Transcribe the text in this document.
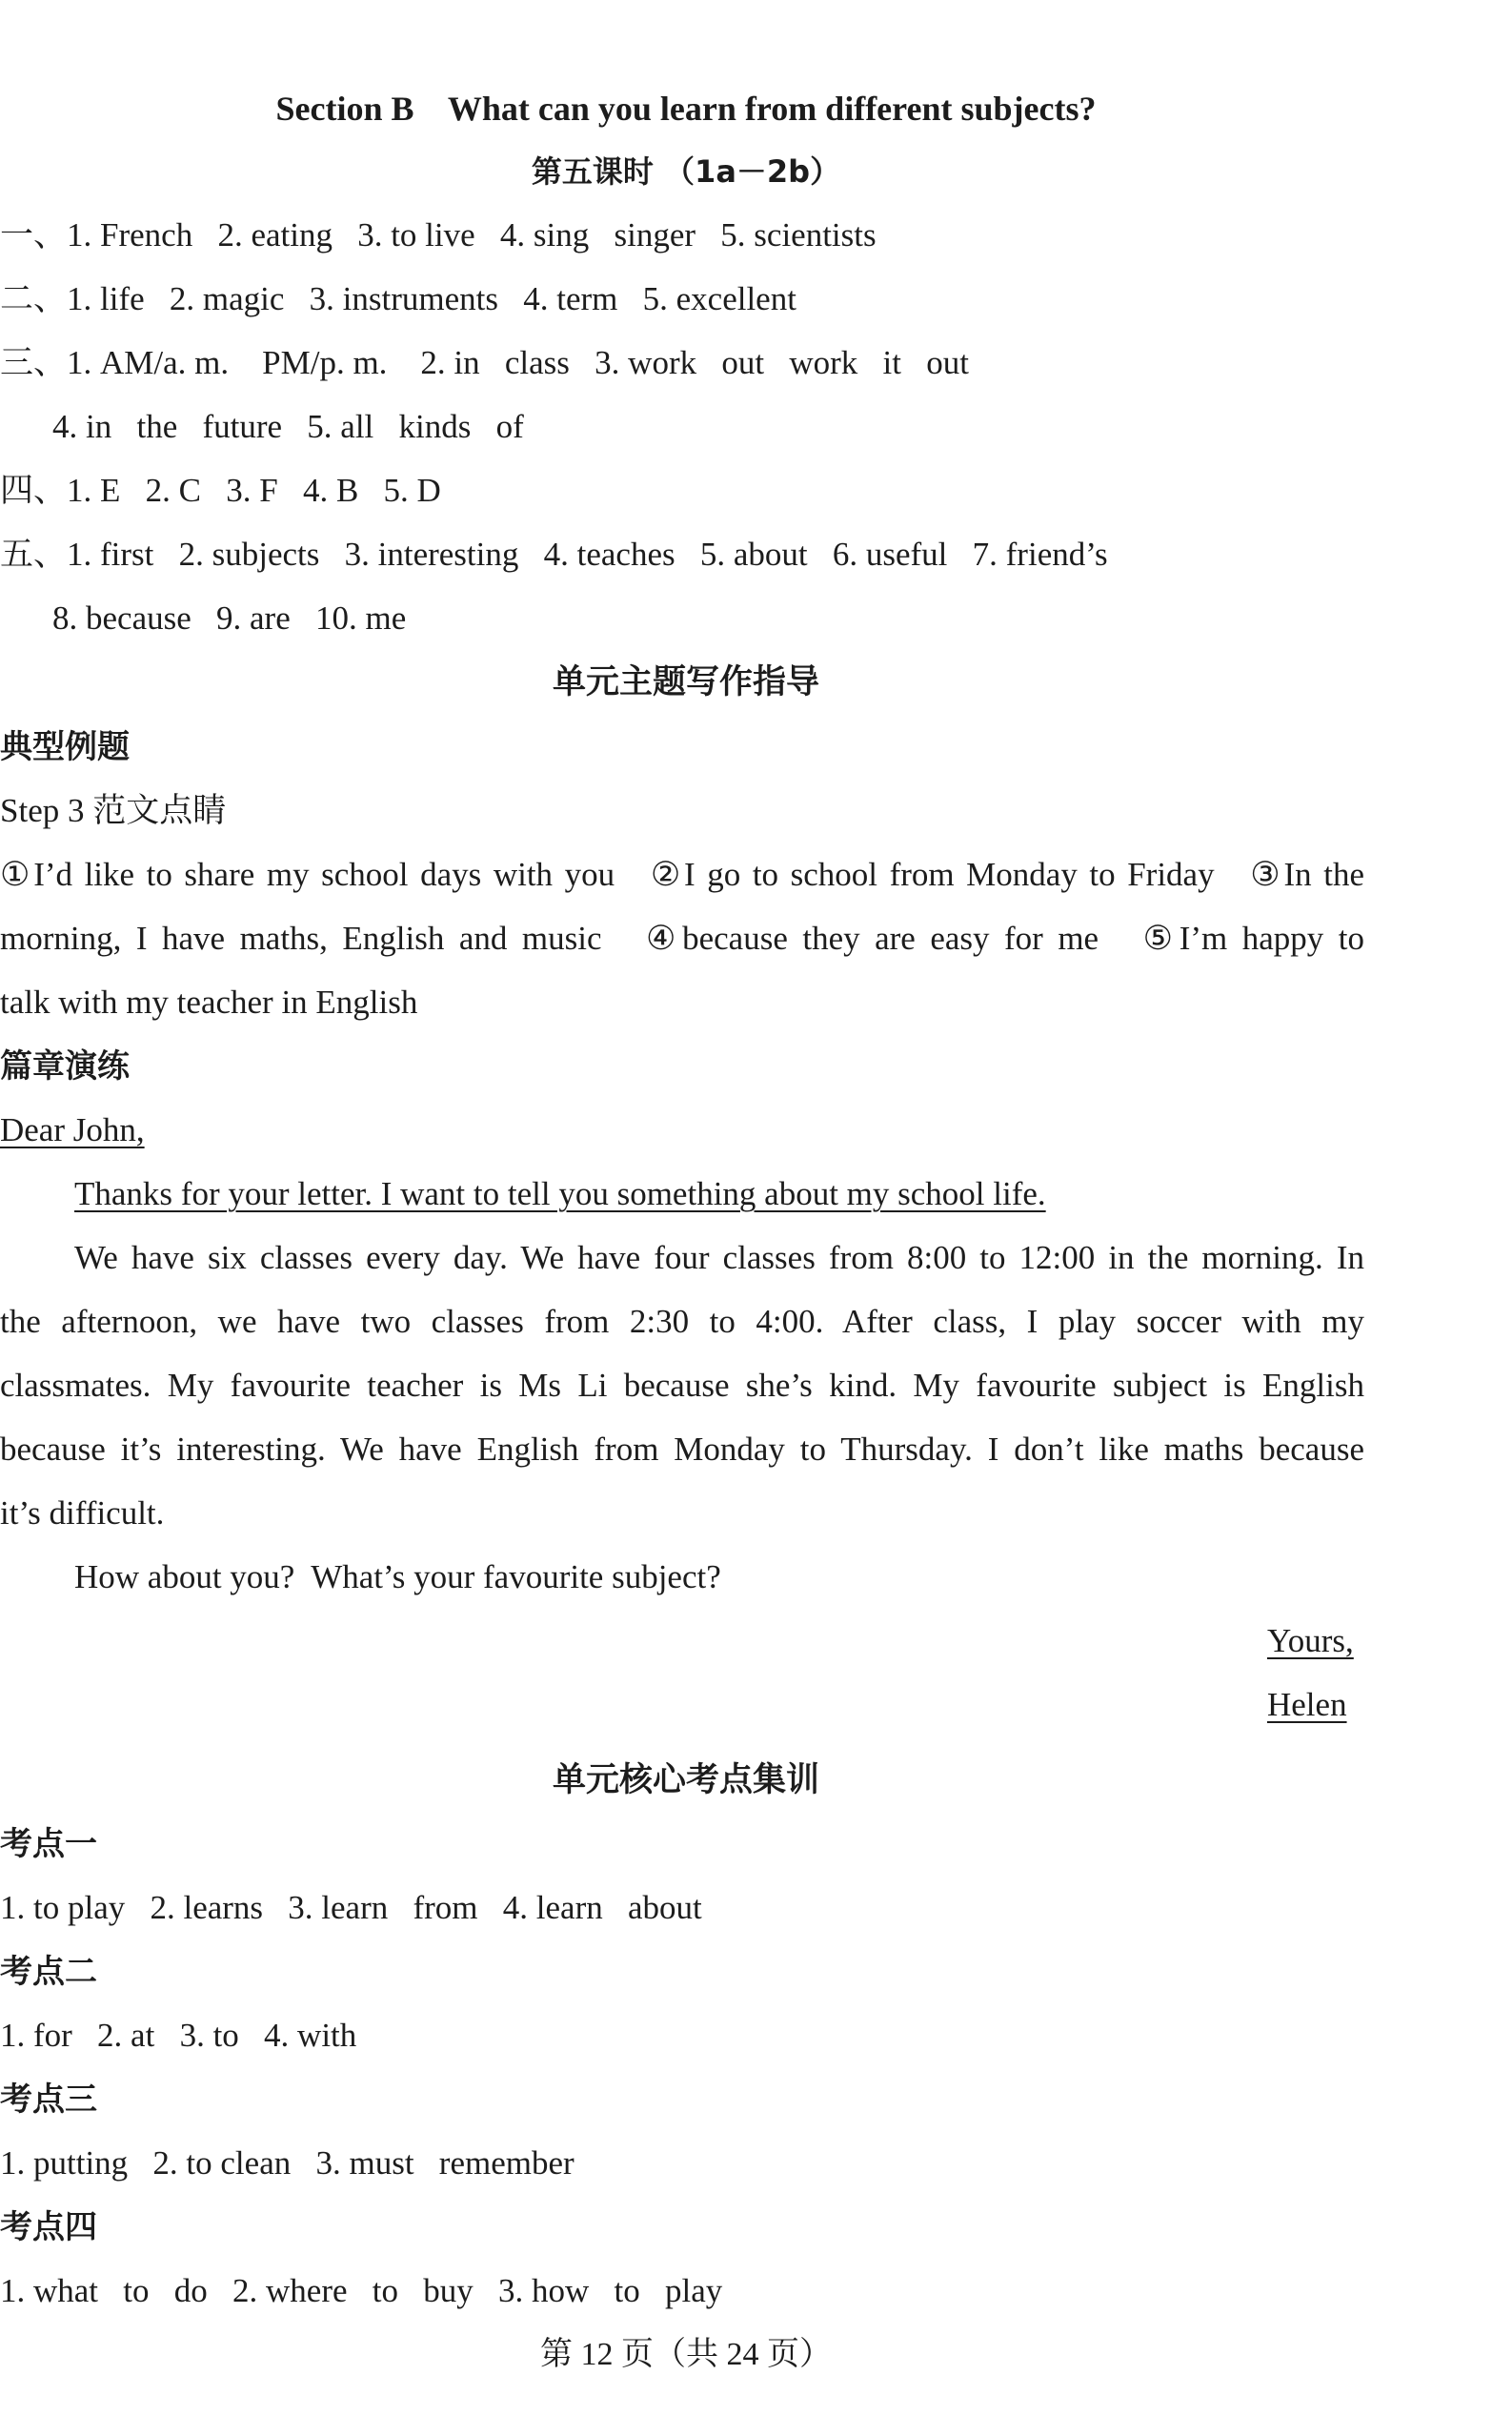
Section B    What can you learn from different subjects?
第五课时 （1a－2b）
一、1. French   2. eating   3. to live   4. sing   singer   5. scientists
二、1. life   2. magic   3. instruments   4. term   5. excellent
三、1. AM/a. m.    PM/p. m.    2. in   class   3. work   out   work   it   out
4. in   the   future   5. all   kinds   of
四、1. E   2. C   3. F   4. B   5. D
五、1. first   2. subjects   3. interesting   4. teaches   5. about   6. useful   7. friend’s
8. because   9. are   10. me
单元主题写作指导
典型例题
Step 3 范文点睛
①I’d like to share my school days with you   ②I go to school from Monday to Friday   ③In the
morning, I have maths, English and music   ④because they are easy for me   ⑤I’m happy to
talk with my teacher in English
篇章演练
Dear John,
Thanks for your letter. I want to tell you something about my school life.
We have six classes every day. We have four classes from 8:00 to 12:00 in the morning. In
the afternoon, we have two classes from 2:30 to 4:00. After class, I play soccer with my
classmates. My favourite teacher is Ms Li because she’s kind. My favourite subject is English
because it’s interesting. We have English from Monday to Thursday. I don’t like maths because
it’s difficult.
How about you?  What’s your favourite subject?
Yours,
Helen
单元核心考点集训
考点一
1. to play   2. learns   3. learn   from   4. learn   about
考点二
1. for   2. at   3. to   4. with
考点三
1. putting   2. to clean   3. must   remember
考点四
1. what   to   do   2. where   to   buy   3. how   to   play
第 12 页（共 24 页）
